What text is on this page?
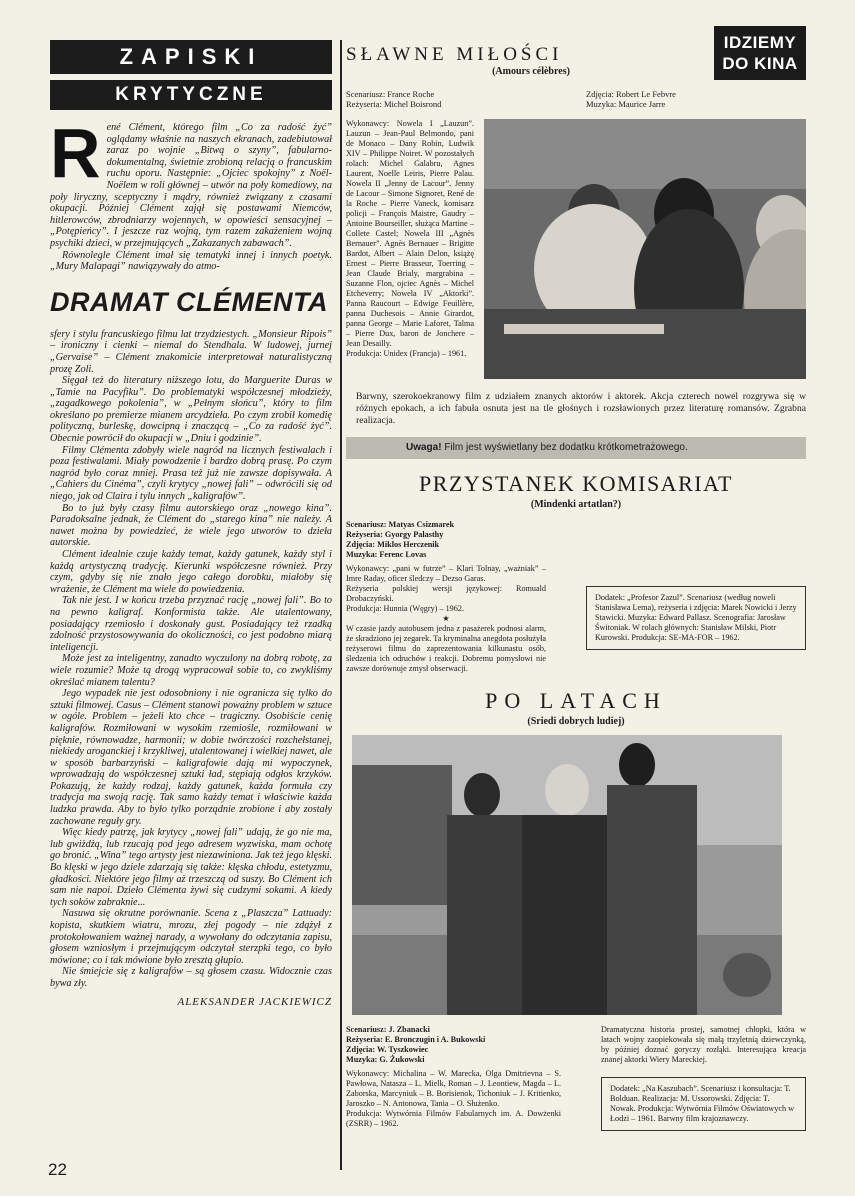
ZAPISKI
KRYTYCZNE
R ené Clément, którego film „Co za radość żyć” oglądamy właśnie na naszych ekranach, zadebiutował zaraz po wojnie „Bitwą o szyny”, fabularno-dokumentalną, świetnie zrobioną relacją o francuskim ruchu oporu. Następnie: „Ojciec spokojny” z Noël-Noëlem w roli głównej – utwór na poły komediowy, na poły liryczny, sceptyczny i mądry, również związany z czasami okupacji. Później Clément zajął się postawami Niemców, hitlerowców, zbrodniarzy wojennych, w opowieści sensacyjnej – „Potępieńcy”. I jeszcze raz wojną, tym razem zakażeniem wojną psychiki dzieci, w przejmujących „Zakazanych zabawach”.

Równolegle Clément imał się tematyki innej i innych poetyk. „Mury Malapagi” nawiązywały do atmo-

DRAMAT CLÉMENTA

sfery i stylu francuskiego filmu lat trzydziestych. „Monsieur Ripois” – ironiczny i cienki – niemal do Stendhala. W ludowej, jurnej „Gervaise” – Clément znakomicie interpretował naturalistyczną prozę Zoli.

Sięgał też do literatury niższego lotu, do Marguerite Duras w „Tamie na Pacyfiku”. Do problematyki współczesnej młodzieży, „zagadkowego pokolenia”, w „Pełnym słońcu”, który to film określano po premierze mianem arcydzieła. Po czym zrobił komedię polityczną, burleskę, dowcipną i znaczącą – „Co za radość żyć”. Obecnie powrócił do okupacji w „Dniu i godzinie”.

Filmy Clémenta zdobyły wiele nagród na licznych festiwalach i poza festiwalami. Miały powodzenie i bardzo dobrą prasę. Po czym nagród było coraz mniej. Prasa też już nie zawsze dopisywała. A „Cahiers du Cinéma”, czyli krytycy „nowej fali” – odwrócili się od niego, jak od Claira i tylu innych „kaligrafów”.

Bo to już były czasy filmu autorskiego oraz „nowego kina”. Paradoksalne jednak, że Clément do „starego kina” nie należy. A nawet można by powiedzieć, że wiele jego utworów to dzieła autorskie.

Clément idealnie czuje każdy temat, każdy gatunek, każdy styl i każdą artystyczną tradycję. Kierunki współczesne również. Przy czym, gdyby się nie znało jego całego dorobku, miałoby się wrażenie, że Clément ma wiele do powiedzenia.

Tak nie jest. I w końcu trzeba przyznać rację „nowej fali”. Bo to na pewno kaligraf. Konformista także. Ale utalentowany, posiadający rzemiosło i doskonały gust. Posiadający też rzadką zdolność przystosowywania do okoliczności, co jest podobno miarą inteligencji.

Może jest za inteligentny, zanadto wyczulony na dobrą robotę, za wiele rozumie? Może tą drogą wypracował sobie to, co zwykliśmy określać mianem talentu?

Jego wypadek nie jest odosobniony i nie ogranicza się tylko do sztuki filmowej. Casus – Clément stanowi poważny problem w sztuce w ogóle. Problem – jeżeli kto chce – tragiczny. Osobiście cenię kaligrafów. Rozmiłowani w wysokim rzemiośle, rozmiłowani w pięknie, równowadze, harmonii; w dobie twórczości rozchełstanej, niekiedy aroganckiej i krzykliwej, utalentowanej i wielkiej nawet, ale w sposób barbarzyński – kaligrafowie dają mi wypoczynek, wprowadzają do współczesnej sztuki ład, stępiają odgłos krzyków. Pokazują, że każdy rodzaj, każdy gatunek, każda formuła czy tradycja ma swoją rację. Tak samo każdy temat i właściwie każda ludzka prawda. Aby to było tylko porządnie zrobione i aby zostały zachowane reguły gry.

Więc kiedy patrzę, jak krytycy „nowej fali” udają, że go nie ma, lub gwiżdżą, lub rzucają pod jego adresem wyzwiska, mam ochotę go bronić. „Wina” tego artysty jest niezawiniona. Jak też jego klęski. Bo klęski w jego dziele zdarzają się także: klęska chłodu, estetyzmu, gładkości. Niektóre jego filmy aż trzeszczą od suszy. Bo Clément ich sam nie napoi. Dzieło Clémenta żywi się cudzymi sokami. A kiedy tych soków zabraknie...

Nasuwa się okrutne porównanie. Scena z „Plaszcza” Lattuady: kopista, skutkiem wiatru, mrozu, złej pogody – nie zdążył z protokołowaniem ważnej narady, a wywołany do odczytania zapisu, głosem wzniosłym i przejmującym odczytał sterzpki tego, co było mówione; co i tak mówione było zresztą głupio.

Nie śmiejcie się z kaligrafów – są głosem czasu. Widocznie czas bywa zły.

ALEKSANDER JACKIEWICZ
22
IDZIEMY
DO KINA
SŁAWNE MIŁOŚCI
(Amours célèbres)
Scenariusz: France Roche
Reżyseria: Michel Boisrond
Zdjęcia: Robert Le Febvre
Muzyka: Maurice Jarre
Wykonawcy: Nowela I „Lauzun”. Lauzun – Jean-Paul Belmondo, pani de Monaco – Dany Robin, Ludwik XIV – Philippe Noiret. W pozostałych rolach: Michel Galabru, Agnes Laurent, Noelle Leiris, Pierre Palau. Nowela II „Jenny de Lacour”. Jenny de Lacour – Simone Signoret, René de la Roche – Pierre Vaneck, komisarz policji – François Maistre, Gaudry – Antoine Bourseiller, służąca Martine – Collete Castel; Nowela III „Agnès Bernauer”. Agnès Bernauer – Brigitte Bardot, Albert – Alain Delon, książę Ernest – Pierre Brasseur, Toerring – Jean Claude Brialy, margrabina – Suzanne Flon, ojciec Agnès – Michel Etcheverry; Nowela IV „Aktorki”. Panna Raucourt – Edwige Feuillère, panna Duchesois – Annie Girardot, panna George – Marie Laforet, Talma – Pierre Dux, baron de Jonchere – Jean Desailly.
Produkcja: Unidex (Francja) – 1961.
Barwny, szerokoekranowy film z udziałem znanych aktorów i aktorek. Akcja czterech nowel rozgrywa się w różnych epokach, a ich fabuła osnuta jest na tle głośnych i rozsławionych przez literaturę romansów. Zgrabna realizacja.
Uwaga! Film jest wyświetlany bez dodatku krótkometrażowego.
PRZYSTANEK KOMISARIAT
(Mindenki artatlan?)
Scenariusz: Matyas Csizmarek
Reżyseria: Gyorgy Palasthy
Zdjęcia: Miklos Herczenik
Muzyka: Ferenc Lovas
Wykonawcy: „pani w futrze” – Klari Tolnay, „ważniak” – Imre Raday, oficer śledczy – Dezso Garas.
Reżyseria polskiej wersji językowej: Romuald Drobaczyński.
Produkcja: Hunnia (Węgry) – 1962.
★
W czasie jazdy autobusem jedna z pasażerek podnosi alarm, że skradziono jej zegarek. Ta kryminalna anegdota posłużyła reżyserowi filmu do zaprezentowania kilkunastu osób, śledzenia ich odruchów i reakcji. Dobremu pomysłowi nie zawsze dorównuje zmysł obserwacji.
Dodatek: „Profesor Zazul”. Scenariusz (według noweli Stanisława Lema), reżyseria i zdjęcia: Marek Nowicki i Jerzy Stawicki. Muzyka: Edward Pallasz. Scenografia: Jarosław Świtoniak. W rolach głównych: Stanisław Milski, Piotr Kurowski. Produkcja: SE-MA-FOR – 1962.
PO LATACH
(Sriedi dobrych ludiej)
Scenariusz: J. Zbanacki
Reżyseria: E. Bronczugin i A. Bukowski
Zdjęcia: W. Tyszkowiec
Muzyka: G. Żukowski
Wykonawcy: Michalina – W. Marecka, Olga Dmitrievna – S. Pawłowa, Natasza – L. Mielk, Roman – J. Leontiew, Magda – L. Zaborska, Marcyniuk – B. Borisienok, Tichoniuk – J. Kritienko, Jaroszko – N. Antonowa, Tania – O. Służenko.
Produkcja: Wytwórnia Filmów Fabularnych im. A. Dowżenki (ZSRR) – 1962.
Dramatyczna historia prostej, samotnej chłopki, która w latach wojny zaopiekowała się małą trzyletnią dziewczynką, by później doznać goryczy rozłąki. Interesująca kreacja znanej aktorki Wiery Mareckiej.
Dodatek: „Na Kaszubach”. Scenariusz i konsultacja: T. Bolduan. Realizacja: M. Ussorowski. Zdjęcia: T. Nowak. Produkcja: Wytwórnia Filmów Oświatowych w Łodzi – 1961. Barwny film krajoznawczy.
